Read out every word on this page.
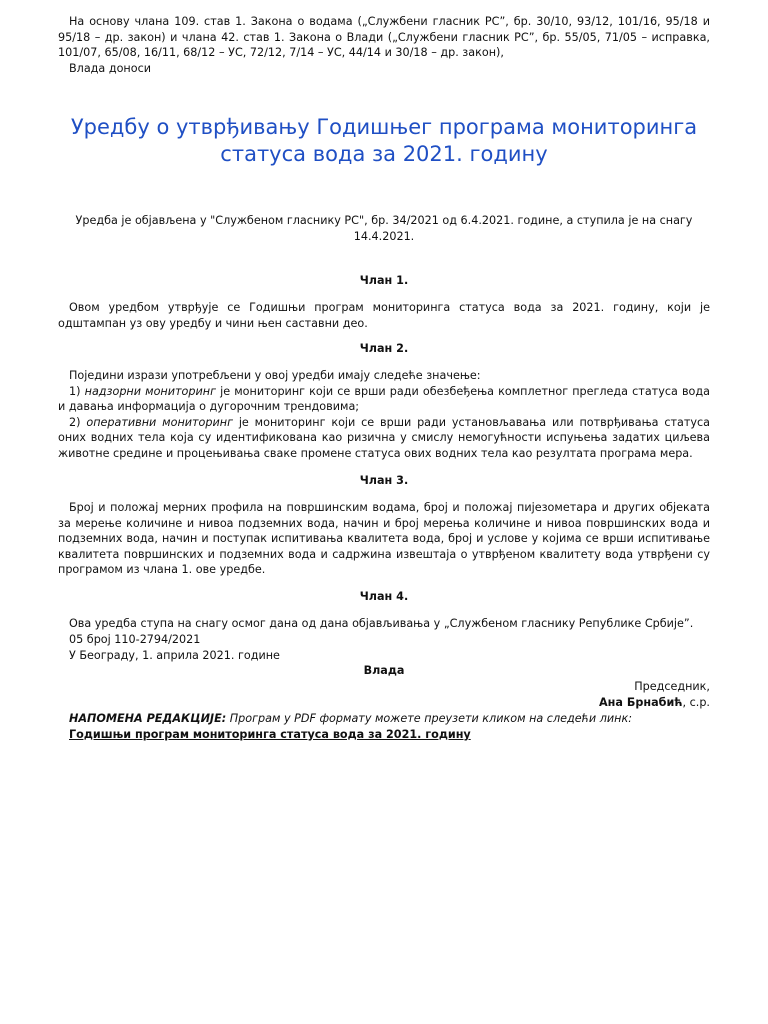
На основу члана 109. став 1. Закона о водама („Службени гласник РС”, бр. 30/10, 93/12, 101/16, 95/18 и 95/18 – др. закон) и члана 42. став 1. Закона о Влади („Службени гласник РС”, бр. 55/05, 71/05 – исправка, 101/07, 65/08, 16/11, 68/12 – УС, 72/12, 7/14 – УС, 44/14 и 30/18 – др. закон),

Влада доноси

Уредбу о утврђивању Годишњег програма мониторинга статуса вода за 2021. годину

Уредба је објављена у "Службеном гласнику РС", бр. 34/2021 од 6.4.2021. године, а ступила је на снагу 14.4.2021.

Члан 1.

Овом уредбом утврђује се Годишњи програм мониторинга статуса вода за 2021. годину, који је одштампан уз ову уредбу и чини њен саставни део.

Члан 2.

Поједини изрази употребљени у овој уредби имају следеће значење:

1) надзорни мониторинг је мониторинг који се врши ради обезбеђења комплетног прегледа статуса вода и давања информација о дугорочним трендовима;

2) оперативни мониторинг је мониторинг који се врши ради установљавања или потврђивања статуса оних водних тела која су идентификована као ризична у смислу немогућности испуњења задатих циљева животне средине и процењивања сваке промене статуса ових водних тела као резултата програма мера.

Члан 3.

Број и положај мерних профила на површинским водама, број и положај пијезометара и других објеката за мерење количине и нивоа подземних вода, начин и број мерења количине и нивоа површинских вода и подземних вода, начин и поступак испитивања квалитета вода, број и услове у којима се врши испитивање квалитета површинских и подземних вода и садржина извештаја о утврђеном квалитету вода утврђени су програмом из члана 1. ове уредбе.

Члан 4.

Ова уредба ступа на снагу осмог дана од дана објављивања у „Службеном гласнику Републике Србије”.

05 број 110-2794/2021

У Београду, 1. априла 2021. године

Влада

Председник,

Ана Брнабић, с.р.

НАПОМЕНА РЕДАКЦИЈЕ: Програм у PDF формату можете преузети кликом на следећи линк:

Годишњи програм мониторинга статуса вода за 2021. годину
